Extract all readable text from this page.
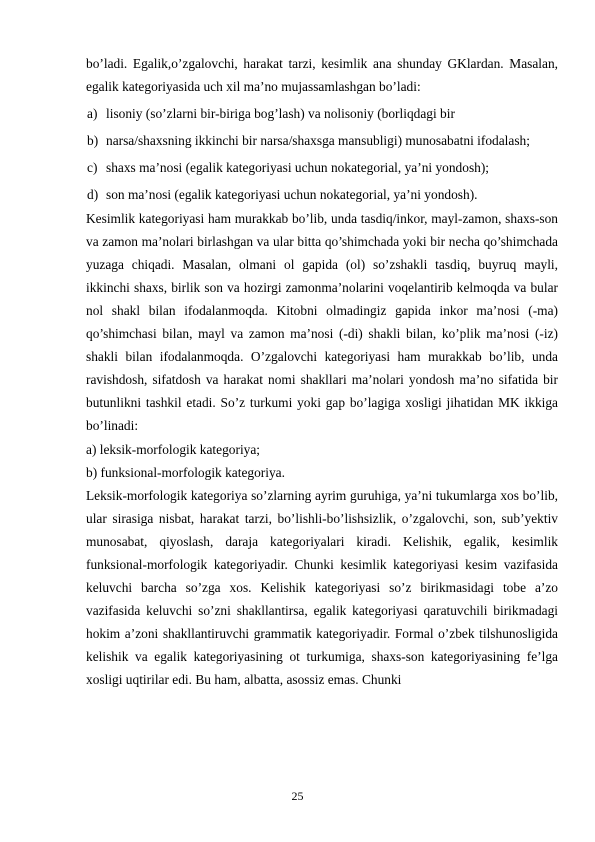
bo’ladi. Egalik,o’zgalovchi, harakat tarzi, kesimlik ana shunday GKlardan. Masalan, egalik kategoriyasida uch xil ma’no mujassamlashgan bo’ladi:

a) lisoniy (so’zlarni bir-biriga bog’lash) va nolisoniy (borliqdagi bir
b) narsa/shaxsning ikkinchi bir narsa/shaxsga mansubligi) munosabatni ifodalash;
c) shaxs ma’nosi (egalik kategoriyasi uchun nokategorial, ya’ni yondosh);
d) son ma’nosi (egalik kategoriyasi uchun nokategorial, ya’ni yondosh).

Kesimlik kategoriyasi ham murakkab bo’lib, unda tasdiq/inkor, mayl-zamon, shaxs-son va zamon ma’nolari birlashgan va ular bitta qo’shimchada yoki bir necha qo’shimchada yuzaga chiqadi. Masalan, olmani ol gapida (ol) so’zshakli tasdiq, buyruq mayli, ikkinchi shaxs, birlik son va hozirgi zamonma’nolarini voqelantirib kelmoqda va bular nol shakl bilan ifodalanmoqda. Kitobni olmadingiz gapida inkor ma’nosi (-ma) qo’shimchasi bilan, mayl va zamon ma’nosi (-di) shakli bilan, ko’plik ma’nosi (-iz) shakli bilan ifodalanmoqda. O’zgalovchi kategoriyasi ham murakkab bo’lib, unda ravishdosh, sifatdosh va harakat nomi shakllari ma’nolari yondosh ma’no sifatida bir butunlikni tashkil etadi. So’z turkumi yoki gap bo’lagiga xosligi jihatidan MK ikkiga bo’linadi:

a) leksik-morfologik kategoriya;

b) funksional-morfologik kategoriya.

Leksik-morfologik kategoriya so’zlarning ayrim guruhiga, ya’ni tukumlarga xos bo’lib, ular sirasiga nisbat, harakat tarzi, bo’lishli-bo’lishsizlik, o’zgalovchi, son, sub’yektiv munosabat, qiyoslash, daraja kategoriyalari kiradi. Kelishik, egalik, kesimlik funksional-morfologik kategoriyadir. Chunki kesimlik kategoriyasi kesim vazifasida keluvchi barcha so’zga xos. Kelishik kategoriyasi so’z birikmasidagi tobe a’zo vazifasida keluvchi so’zni shakllantirsa, egalik kategoriyasi qaratuvchili birikmadagi hokim a’zoni shakllantiruvchi grammatik kategoriyadir. Formal o’zbek tilshunosligida kelishik va egalik kategoriyasining ot turkumiga, shaxs-son kategoriyasining fe’lga xosligi uqtirilar edi. Bu ham, albatta, asossiz emas. Chunki

25
